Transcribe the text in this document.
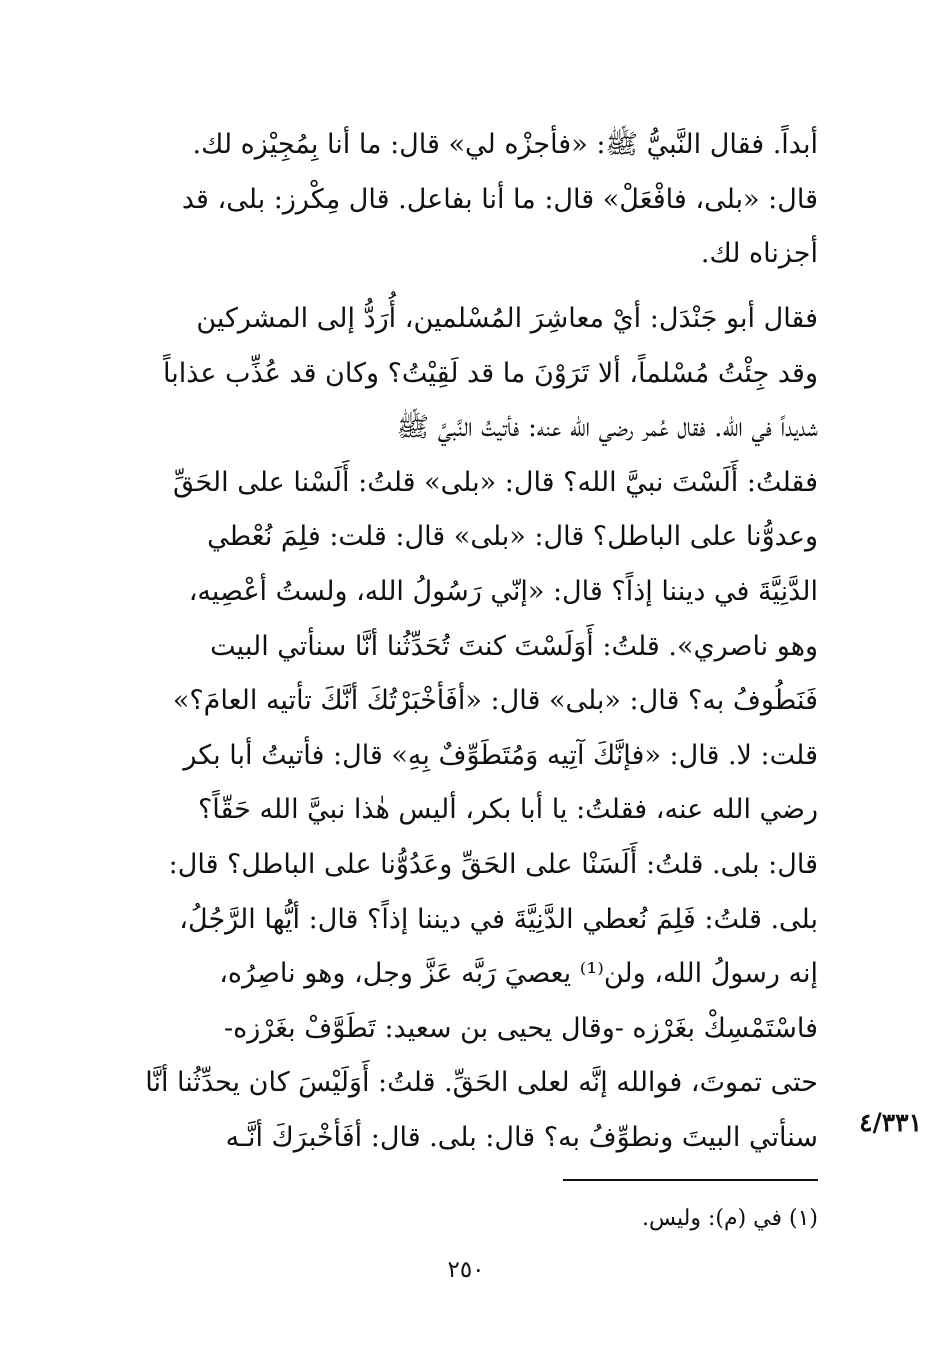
أبداً. فقال النَّبيُّ ﷺ: «فأجزْه لي» قال: ما أنا بِمُجِيْزه لك.
قال: «بلى، فافْعَلْ» قال: ما أنا بفاعل. قال مِكْرز: بلى، قد
أجزناه لك.
فقال أبو جَنْدَل: أيْ معاشِرَ المُسْلمين، أُرَدُّ إلى المشركين
وقد جِئْتُ مُسْلماً، ألا تَرَوْنَ ما قد لَقِيْتُ؟ وكان قد عُذِّب عذاباً
شديداً في الله. فقال عُمر رضي الله عنه: فأتيتُ النَّبيَّ ﷺ
فقلتُ: أَلَسْتَ نبيَّ الله؟ قال: «بلى» قلتُ: أَلَسْنا على الحَقِّ
وعدوُّنا على الباطل؟ قال: «بلى» قال: قلت: فلِمَ نُعْطي
الدَّنِيَّةَ في ديننا إذاً؟ قال: «إنّي رَسُولُ الله، ولستُ أعْصِيه،
وهو ناصري». قلتُ: أَوَلَسْتَ كنتَ تُحَدِّثُنا أنَّا سنأتي البيت
فَنَطُوفُ به؟ قال: «بلى» قال: «أفَأخْبَرْتُكَ أنَّكَ تأتيه العامَ؟»
قلت: لا. قال: «فإنَّكَ آتِيه وَمُتَطَوِّفٌ بِهِ» قال: فأتيتُ أبا بكر
رضي الله عنه، فقلتُ: يا أبا بكر، أليس هٰذا نبيَّ الله حَقّاً؟
قال: بلى. قلتُ: أَلَسَنْا على الحَقِّ وعَدُوُّنا على الباطل؟ قال:
بلى. قلتُ: فَلِمَ نُعطي الدَّنِيَّةَ في ديننا إذاً؟ قال: أيُّها الرَّجُلُ،
إنه رسولُ الله، ولن⁽¹⁾ يعصيَ رَبَّه عَزَّ وجل، وهو ناصِرُه،
فاسْتَمْسِكْ بغَرْزه -وقال يحيى بن سعيد: تَطَوَّفْ بغَرْزه-
حتى تموتَ، فوالله إنَّه لعلى الحَقِّ. قلتُ: أَوَلَيْسَ كان يحدِّثُنا أنَّا
سنأتي البيتَ ونطوِّفُ به؟ قال: بلى. قال: أفَأخْبرَكَ أنَّـه	٤/٣٣١
(١) في (م): وليس.
٢٥٠
